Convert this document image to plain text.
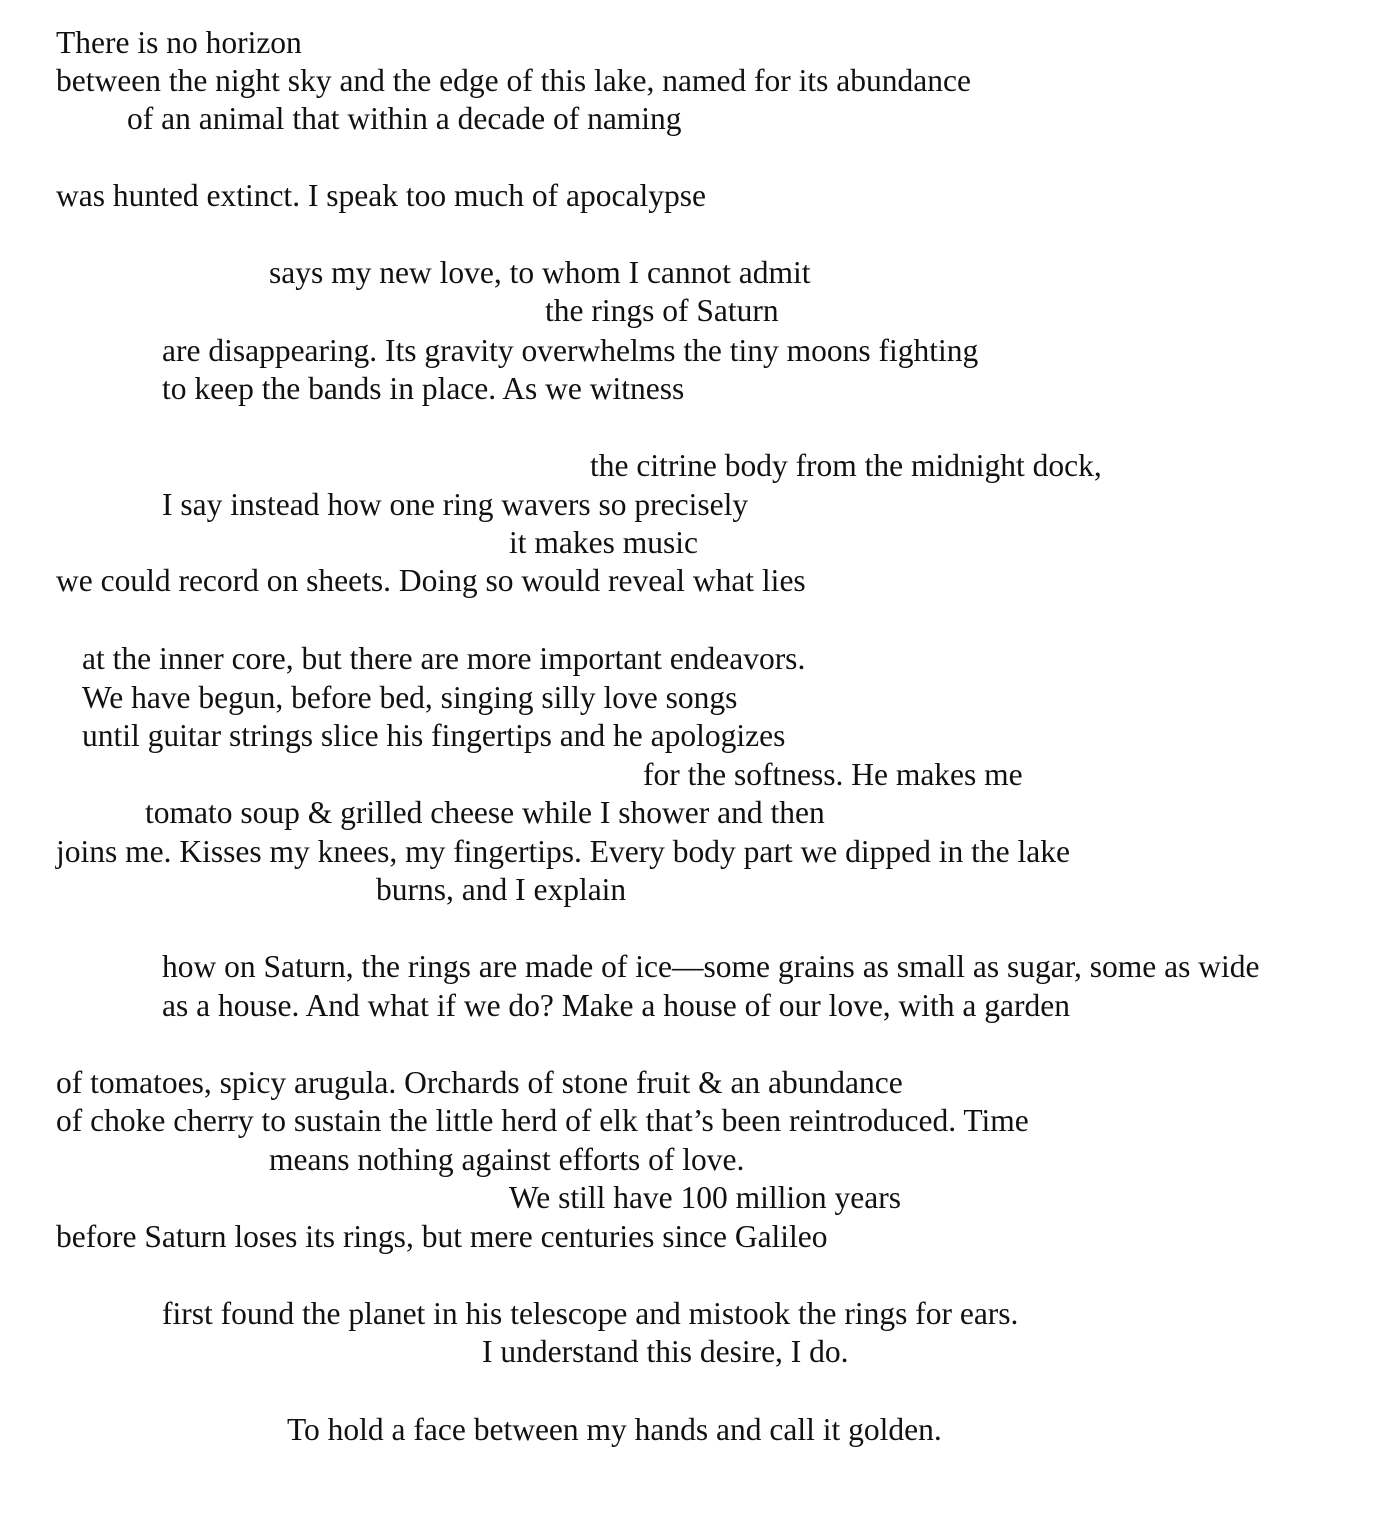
There is no horizon
between the night sky and the edge of this lake, named for its abundance
of an animal that within a decade of naming
was hunted extinct. I speak too much of apocalypse
says my new love, to whom I cannot admit
the rings of Saturn
are disappearing. Its gravity overwhelms the tiny moons fighting
to keep the bands in place. As we witness
the citrine body from the midnight dock,
I say instead how one ring wavers so precisely
it makes music
we could record on sheets. Doing so would reveal what lies
at the inner core, but there are more important endeavors.
We have begun, before bed, singing silly love songs
until guitar strings slice his fingertips and he apologizes
for the softness. He makes me
tomato soup & grilled cheese while I shower and then
joins me. Kisses my knees, my fingertips. Every body part we dipped in the lake
burns, and I explain
how on Saturn, the rings are made of ice—some grains as small as sugar, some as wide
as a house. And what if we do? Make a house of our love, with a garden
of tomatoes, spicy arugula. Orchards of stone fruit & an abundance
of choke cherry to sustain the little herd of elk that’s been reintroduced. Time
means nothing against efforts of love.
We still have 100 million years
before Saturn loses its rings, but mere centuries since Galileo
first found the planet in his telescope and mistook the rings for ears.
I understand this desire, I do.
To hold a face between my hands and call it golden.
